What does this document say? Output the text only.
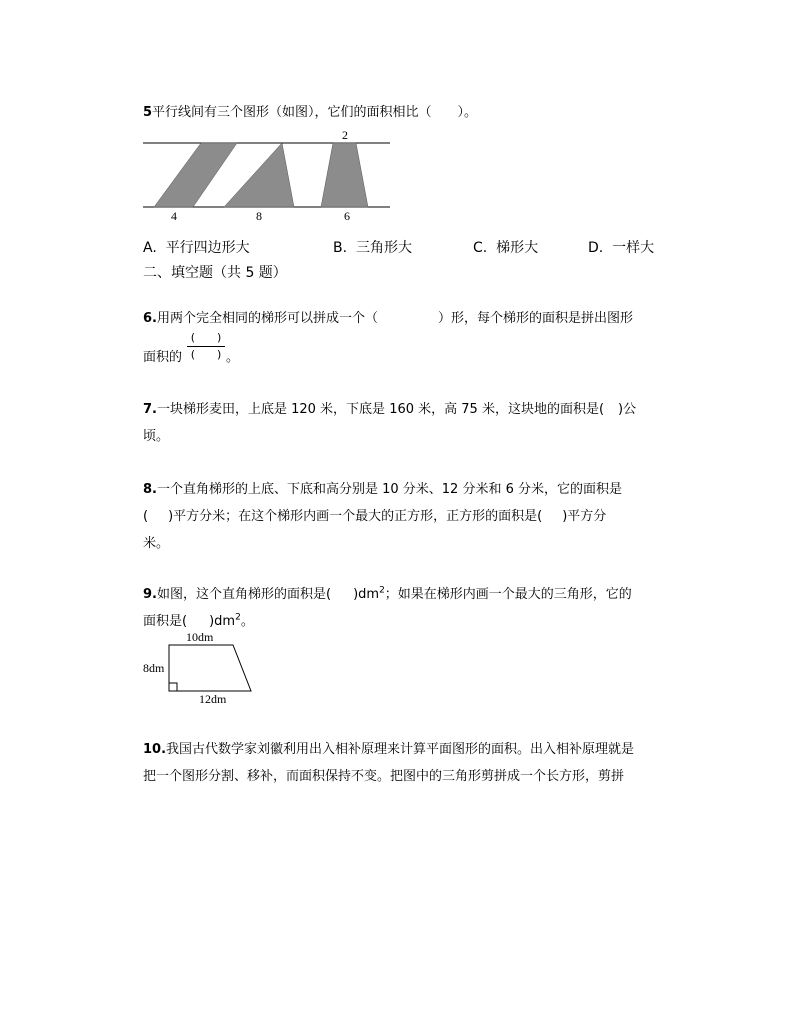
5平行线间有三个图形（如图），它们的面积相比（　　）。
2
4	8	6
A. 平行四边形大	B. 三角形大	C. 梯形大	D. 一样大
二、填空题（共 5 题）
6.用两个完全相同的梯形可以拼成一个（	）形，每个梯形的面积是拼出图形
面积的	。
(　　)
(　　)
7.一块梯形麦田，上底是 120 米，下底是 160 米，高 75 米，这块地的面积是( )公
顷。
8.一个直角梯形的上底、下底和高分别是 10 分米、12 分米和 6 分米，它的面积是
( )平方分米；在这个梯形内画一个最大的正方形，正方形的面积是( )平方分
米。
9.如图，这个直角梯形的面积是( )$dm^2$；如果在梯形内画一个最大的三角形，它的
面积是( )$dm^2$。
10dm
8dm
12dm
10.我国古代数学家刘徽利用出入相补原理来计算平面图形的面积。出入相补原理就是
把一个图形分割、移补，而面积保持不变。把图中的三角形剪拼成一个长方形，剪拼
